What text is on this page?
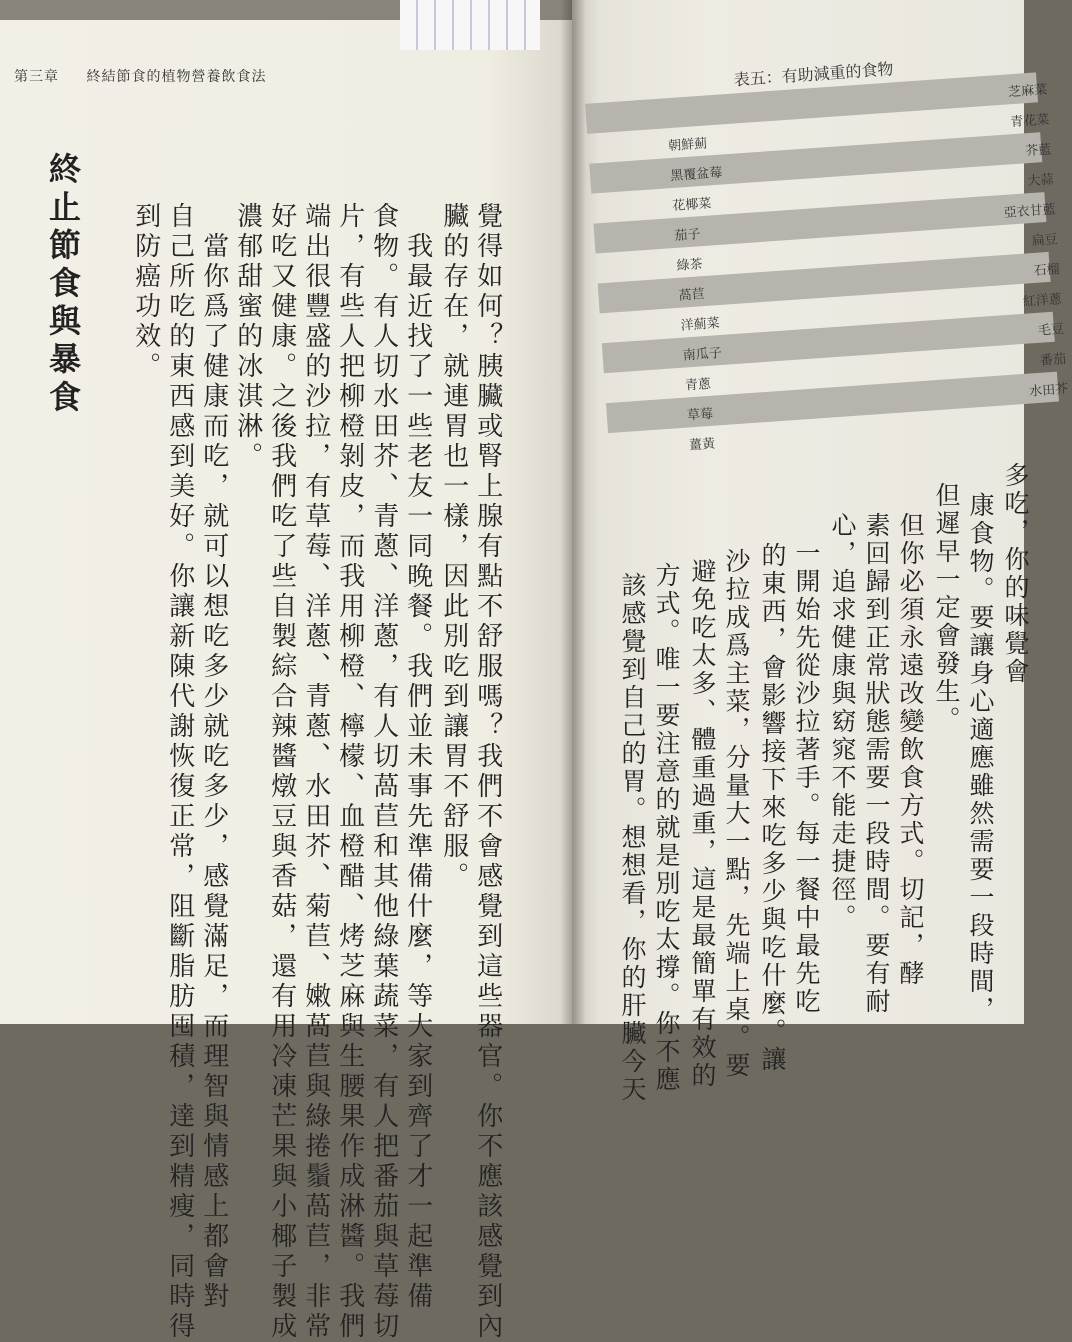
第三章 終結節食的植物營養飲食法
覺得如何？胰臟或腎上腺有點不舒服嗎？我們不會感覺到這些器官。你不應該感覺到內
臟的存在，就連胃也一樣，因此別吃到讓胃不舒服。
我最近找了一些老友一同晚餐。我們並未事先準備什麼，等大家到齊了才一起準備
食物。有人切水田芥、青蔥、洋蔥，有人切萵苣和其他綠葉蔬菜，有人把番茄與草莓切
片，有些人把柳橙剝皮，而我用柳橙、檸檬、血橙醋、烤芝麻與生腰果作成淋醬。我們
端出很豐盛的沙拉，有草莓、洋蔥、青蔥、水田芥、菊苣、嫩萵苣與綠捲鬚萵苣，非常
好吃又健康。之後我們吃了些自製綜合辣醬燉豆與香菇，還有用冷凍芒果與小椰子製成
濃郁甜蜜的冰淇淋。
當你爲了健康而吃，就可以想吃多少就吃多少，感覺滿足，而理智與情感上都會對
自己所吃的東西感到美好。你讓新陳代謝恢復正常，阻斷脂肪囤積，達到精瘦，同時得
到防癌功效。
終止節食與暴食
表五：有助減重的食物
芝麻菜
朝鮮薊
青花菜
黑覆盆莓
芥藍
花椰菜
大蒜
茄子
亞衣甘藍
綠茶
扁豆
萵苣
石榴
洋薊菜
紅洋蔥
南瓜子
毛豆
青蔥
番茄
草莓
水田芥
薑黃
多吃，你的味覺會
康食物。要讓身心適應雖然需要一段時間，
但遲早一定會發生。
但你必須永遠改變飲食方式。切記，酵
素回歸到正常狀態需要一段時間。要有耐
心，追求健康與窈窕不能走捷徑。
一開始先從沙拉著手。每一餐中最先吃
的東西，會影響接下來吃多少與吃什麼。讓
沙拉成爲主菜，分量大一點，先端上桌。要
避免吃太多、體重過重，這是最簡單有效的
方式。唯一要注意的就是別吃太撐。你不應
該感覺到自己的胃。想想看，你的肝臟今天
